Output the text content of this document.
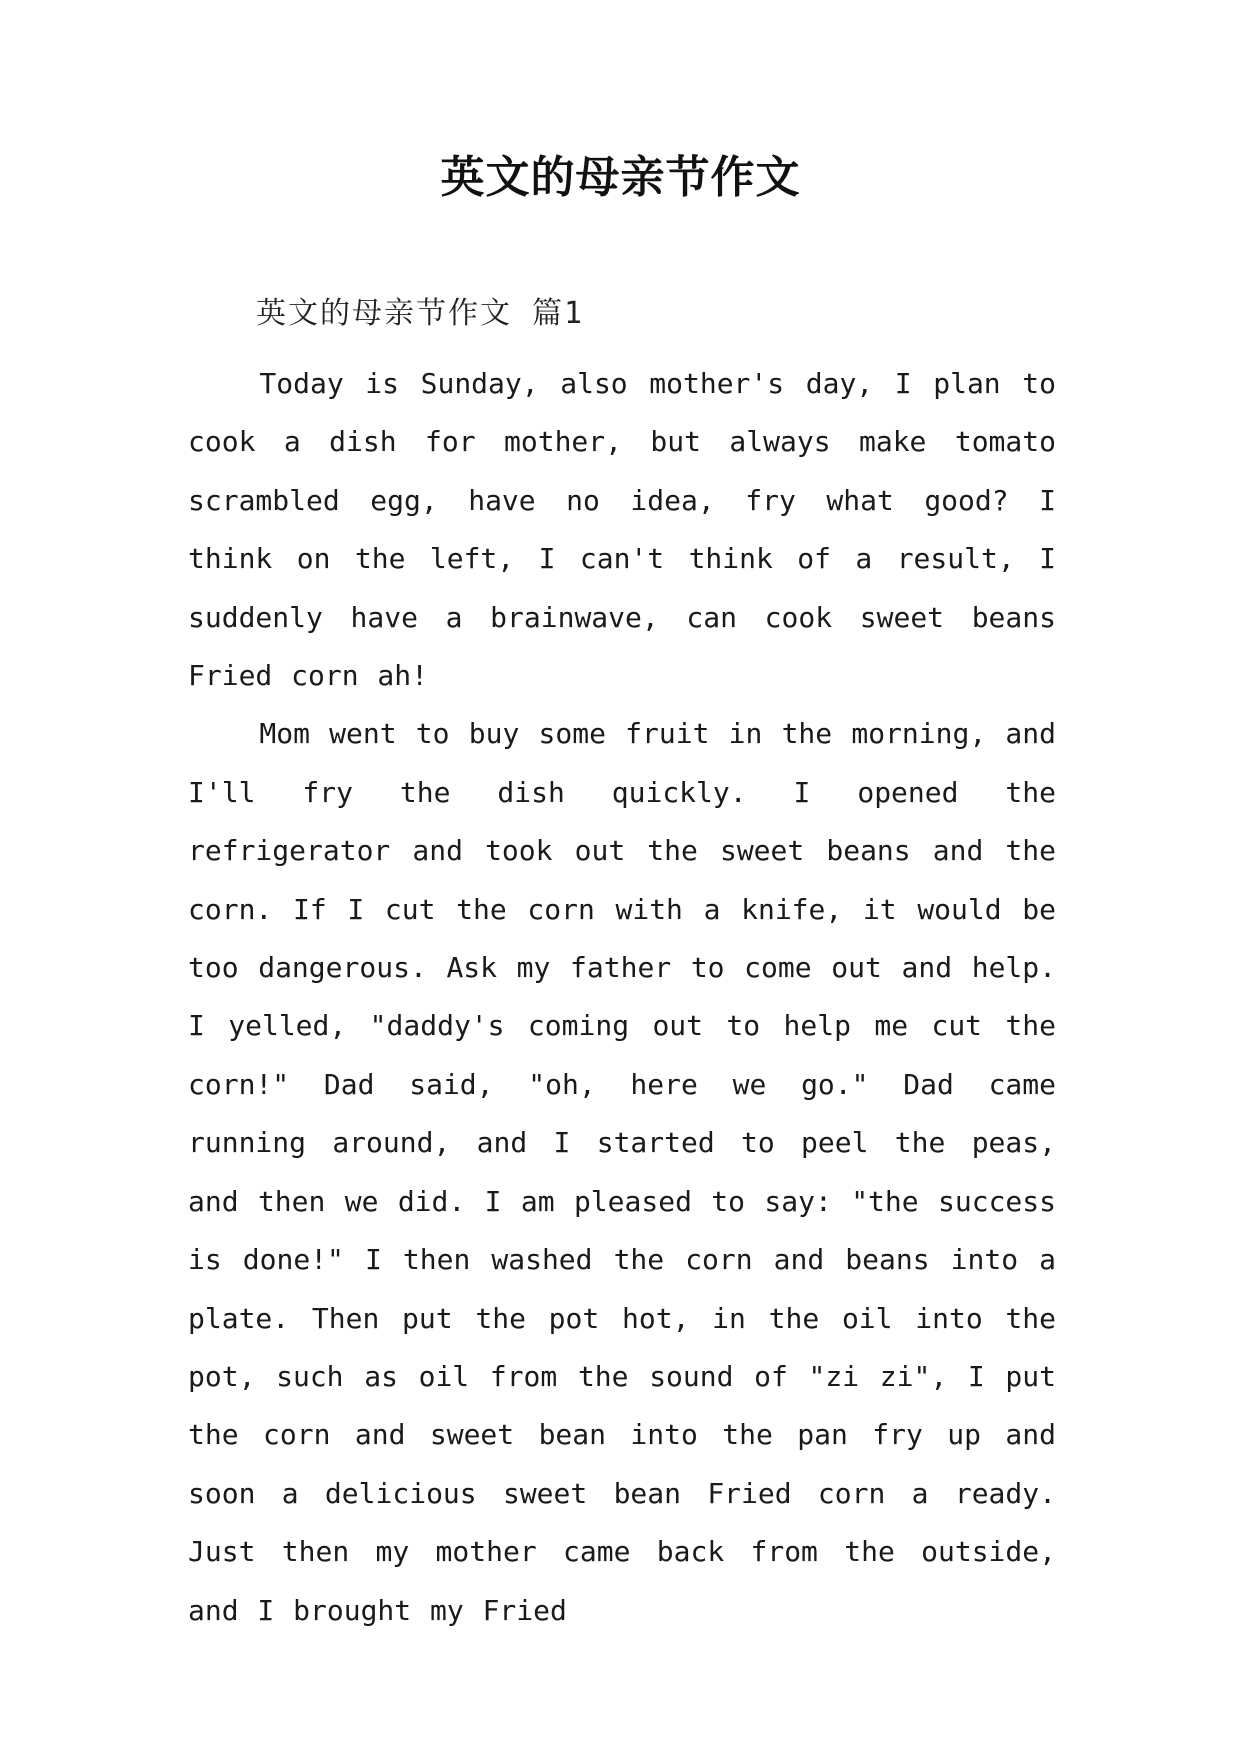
英文的母亲节作文
英文的母亲节作文 篇1

Today is Sunday, also mother's day, I plan to cook a dish for mother, but always make tomato scrambled egg, have no idea, fry what good? I think on the left, I can't think of a result, I suddenly have a brainwave, can cook sweet beans Fried corn ah!

Mom went to buy some fruit in the morning, and I'll fry the dish quickly. I opened the refrigerator and took out the sweet beans and the corn. If I cut the corn with a knife, it would be too dangerous. Ask my father to come out and help. I yelled, "daddy's coming out to help me cut the corn!" Dad said, "oh, here we go." Dad came running around, and I started to peel the peas, and then we did. I am pleased to say: "the success is done!" I then washed the corn and beans into a plate. Then put the pot hot, in the oil into the pot, such as oil from the sound of "zi zi", I put the corn and sweet bean into the pan fry up and soon a delicious sweet bean Fried corn a ready. Just then my mother came back from the outside, and I brought my Fried
